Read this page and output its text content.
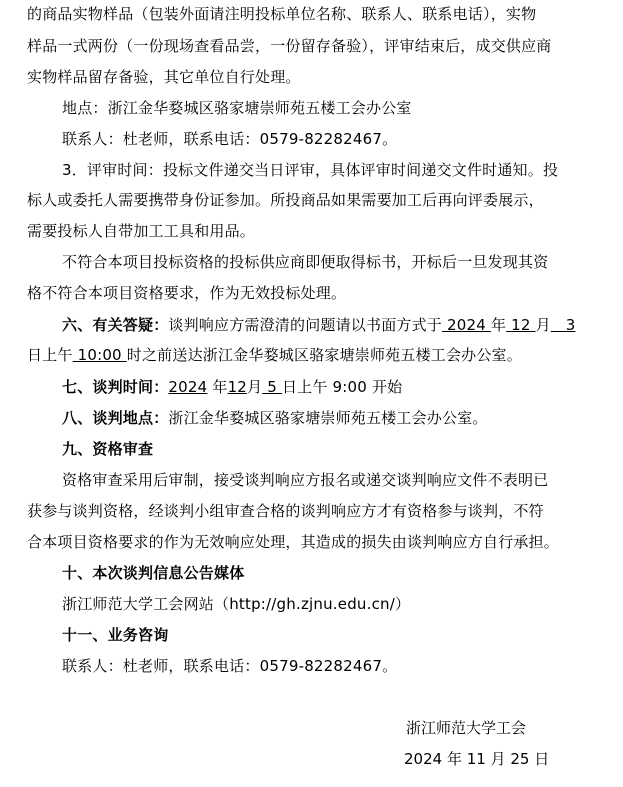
的商品实物样品（包装外面请注明投标单位名称、联系人、联系电话），实物
样品一式两份（一份现场查看品尝，一份留存备验），评审结束后，成交供应商
实物样品留存备验，其它单位自行处理。
地点：浙江金华婺城区骆家塘崇师苑五楼工会办公室
联系人：杜老师，联系电话：0579-82282467。
3．评审时间：投标文件递交当日评审，具体评审时间递交文件时通知。投
标人或委托人需要携带身份证参加。所投商品如果需要加工后再向评委展示，
需要投标人自带加工工具和用品。
不符合本项目投标资格的投标供应商即便取得标书，开标后一旦发现其资
格不符合本项目资格要求，作为无效投标处理。
六、有关答疑：谈判响应方需澄清的问题请以书面方式于 2024 年 12 月 3
日上午 10:00 时之前送达浙江金华婺城区骆家塘崇师苑五楼工会办公室。
七、谈判时间：2024 年12月 5 日上午 9:00 开始
八、谈判地点：浙江金华婺城区骆家塘崇师苑五楼工会办公室。
九、资格审查
资格审查采用后审制，接受谈判响应方报名或递交谈判响应文件不表明已
获参与谈判资格，经谈判小组审查合格的谈判响应方才有资格参与谈判，不符
合本项目资格要求的作为无效响应处理，其造成的损失由谈判响应方自行承担。
十、本次谈判信息公告媒体
浙江师范大学工会网站（http://gh.zjnu.edu.cn/）
十一、业务咨询
联系人：杜老师，联系电话：0579-82282467。
浙江师范大学工会
2024 年 11 月 25 日
